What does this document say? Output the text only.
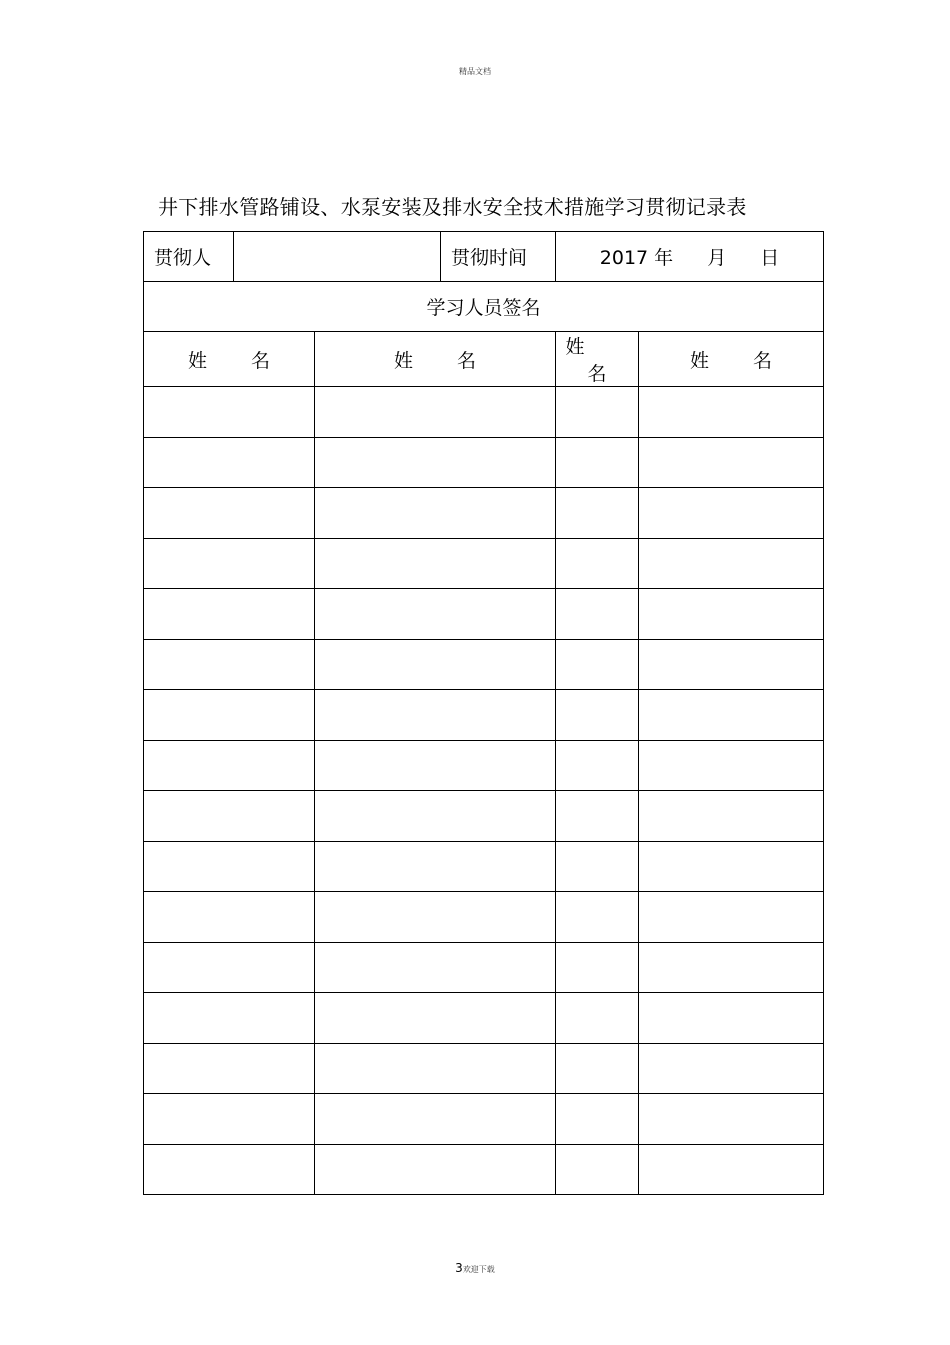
精品文档
井下排水管路铺设、水泵安装及排水安全技术措施学习贯彻记录表
贯彻人			贯彻时间	2017 年 月 日	
学习人员签名					
姓 名		姓 名		姓名	姓 名

3欢迎下载
